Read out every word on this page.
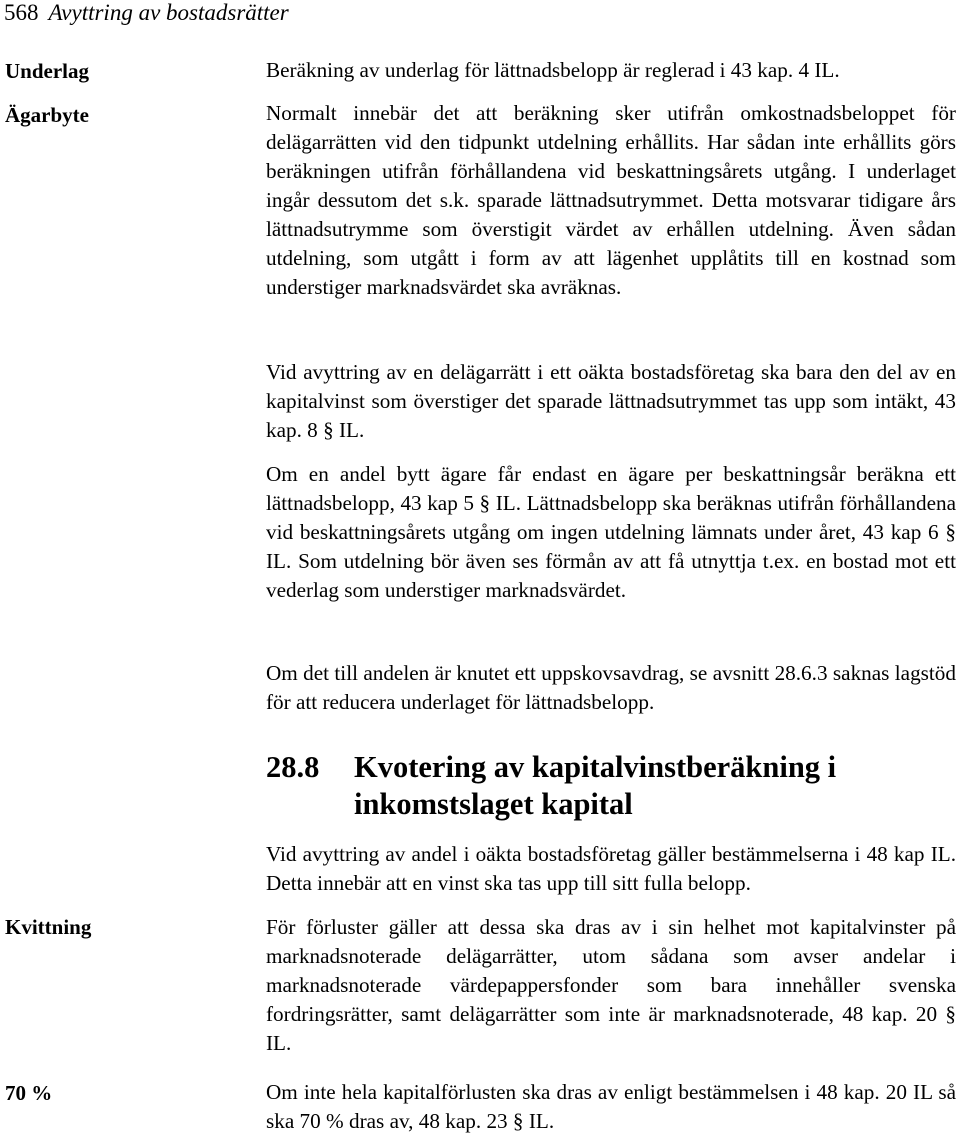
568 Avyttring av bostadsrätter
Underlag	Beräkning av underlag för lättnadsbelopp är reglerad i 43 kap. 4 IL.
Ägarbyte	Normalt innebär det att beräkning sker utifrån omkostnadsbeloppet för delägarrätten vid den tidpunkt utdelning erhållits. Har sådan inte erhållits görs beräkningen utifrån förhållandena vid beskattningsårets utgång. I underlaget ingår dessutom det s.k. sparade lättnadsutrymmet. Detta motsvarar tidigare års lättnadsutrymme som överstigit värdet av erhållen utdelning. Även sådan utdelning, som utgått i form av att lägenhet upplåtits till en kostnad som understiger marknadsvärdet ska avräknas.
Vid avyttring av en delägarrätt i ett oäkta bostadsföretag ska bara den del av en kapitalvinst som överstiger det sparade lättnadsutrymmet tas upp som intäkt, 43 kap. 8 § IL.
Om en andel bytt ägare får endast en ägare per beskattningsår beräkna ett lättnadsbelopp, 43 kap 5 § IL. Lättnadsbelopp ska beräknas utifrån förhållandena vid beskattningsårets utgång om ingen utdelning lämnats under året, 43 kap 6 § IL. Som utdelning bör även ses förmån av att få utnyttja t.ex. en bostad mot ett vederlag som understiger marknadsvärdet.
Om det till andelen är knutet ett uppskovsavdrag, se avsnitt 28.6.3 saknas lagstöd för att reducera underlaget för lättnadsbelopp.
28.8 Kvotering av kapitalvinstberäkning i inkomstslaget kapital
Vid avyttring av andel i oäkta bostadsföretag gäller bestämmelserna i 48 kap IL. Detta innebär att en vinst ska tas upp till sitt fulla belopp.
Kvittning	För förluster gäller att dessa ska dras av i sin helhet mot kapitalvinster på marknadsnoterade delägarrätter, utom sådana som avser andelar i marknadsnoterade värdepappersfonder som bara innehåller svenska fordringsrätter, samt delägarrätter som inte är marknadsnoterade, 48 kap. 20 § IL.
70 %	Om inte hela kapitalförlusten ska dras av enligt bestämmelsen i 48 kap. 20 IL så ska 70 % dras av, 48 kap. 23 § IL.
